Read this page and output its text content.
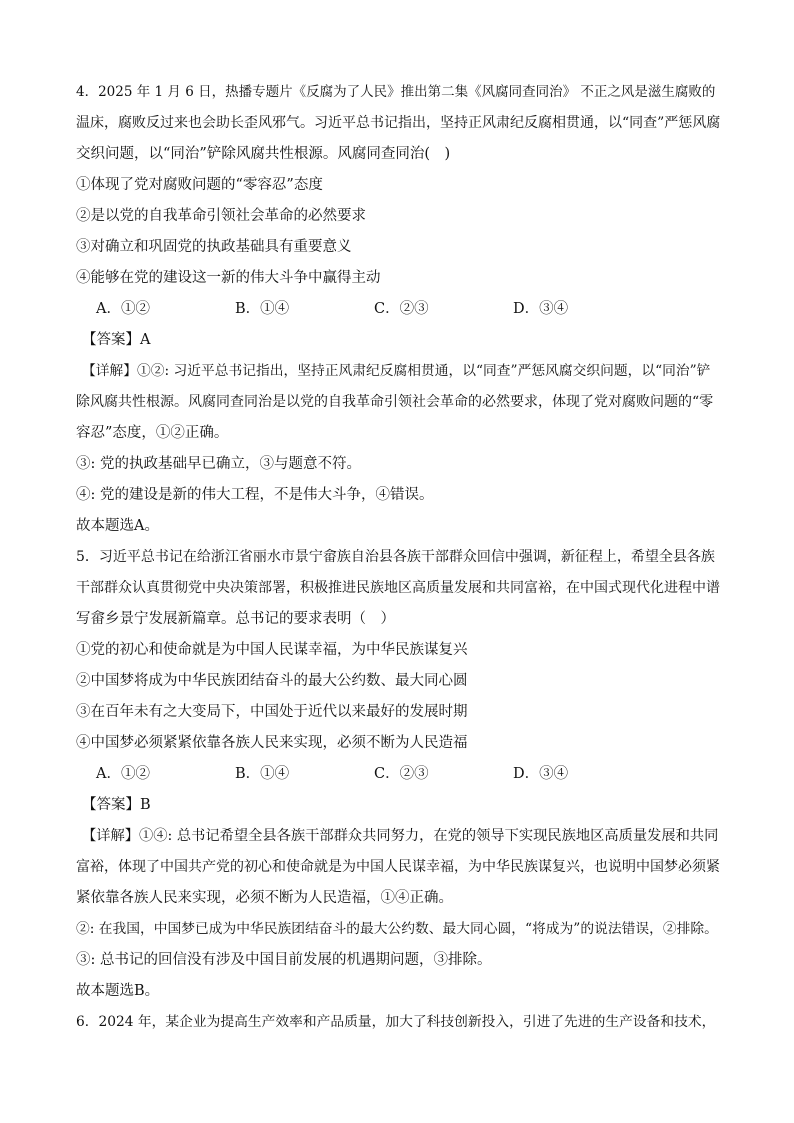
4．2025 年 1 月 6 日，热播专题片《反腐为了人民》推出第二集《风腐同查同治》 不正之风是滋生腐败的
温床，腐败反过来也会助长歪风邪气。习近平总书记指出，坚持正风肃纪反腐相贯通，以“同查”严惩风腐
交织问题，以“同治”铲除风腐共性根源。风腐同查同治(　)
①体现了党对腐败问题的“零容忍”态度
②是以党的自我革命引领社会革命的必然要求
③对确立和巩固党的执政基础具有重要意义
④能够在党的建设这一新的伟大斗争中赢得主动
A．①②	B．①④	C．②③	D．③④
【答案】A
【详解】①②: 习近平总书记指出，坚持正风肃纪反腐相贯通，以“同查”严惩风腐交织问题，以“同治”铲
除风腐共性根源。风腐同查同治是以党的自我革命引领社会革命的必然要求，体现了党对腐败问题的“零
容忍”态度，①②正确。
③: 党的执政基础早已确立，③与题意不符。
④: 党的建设是新的伟大工程，不是伟大斗争，④错误。
故本题选A。
5．习近平总书记在给浙江省丽水市景宁畲族自治县各族干部群众回信中强调，新征程上，希望全县各族
干部群众认真贯彻党中央决策部署，积极推进民族地区高质量发展和共同富裕，在中国式现代化进程中谱
写畲乡景宁发展新篇章。总书记的要求表明（　）
①党的初心和使命就是为中国人民谋幸福，为中华民族谋复兴
②中国梦将成为中华民族团结奋斗的最大公约数、最大同心圆
③在百年未有之大变局下，中国处于近代以来最好的发展时期
④中国梦必须紧紧依靠各族人民来实现，必须不断为人民造福
A．①②	B．①④	C．②③	D．③④
【答案】B
【详解】①④: 总书记希望全县各族干部群众共同努力，在党的领导下实现民族地区高质量发展和共同
富裕，体现了中国共产党的初心和使命就是为中国人民谋幸福，为中华民族谋复兴，也说明中国梦必须紧
紧依靠各族人民来实现，必须不断为人民造福，①④正确。
②: 在我国，中国梦已成为中华民族团结奋斗的最大公约数、最大同心圆，“将成为”的说法错误，②排除。
③: 总书记的回信没有涉及中国目前发展的机遇期问题，③排除。
故本题选B。
6．2024 年，某企业为提高生产效率和产品质量，加大了科技创新投入，引进了先进的生产设备和技术，
